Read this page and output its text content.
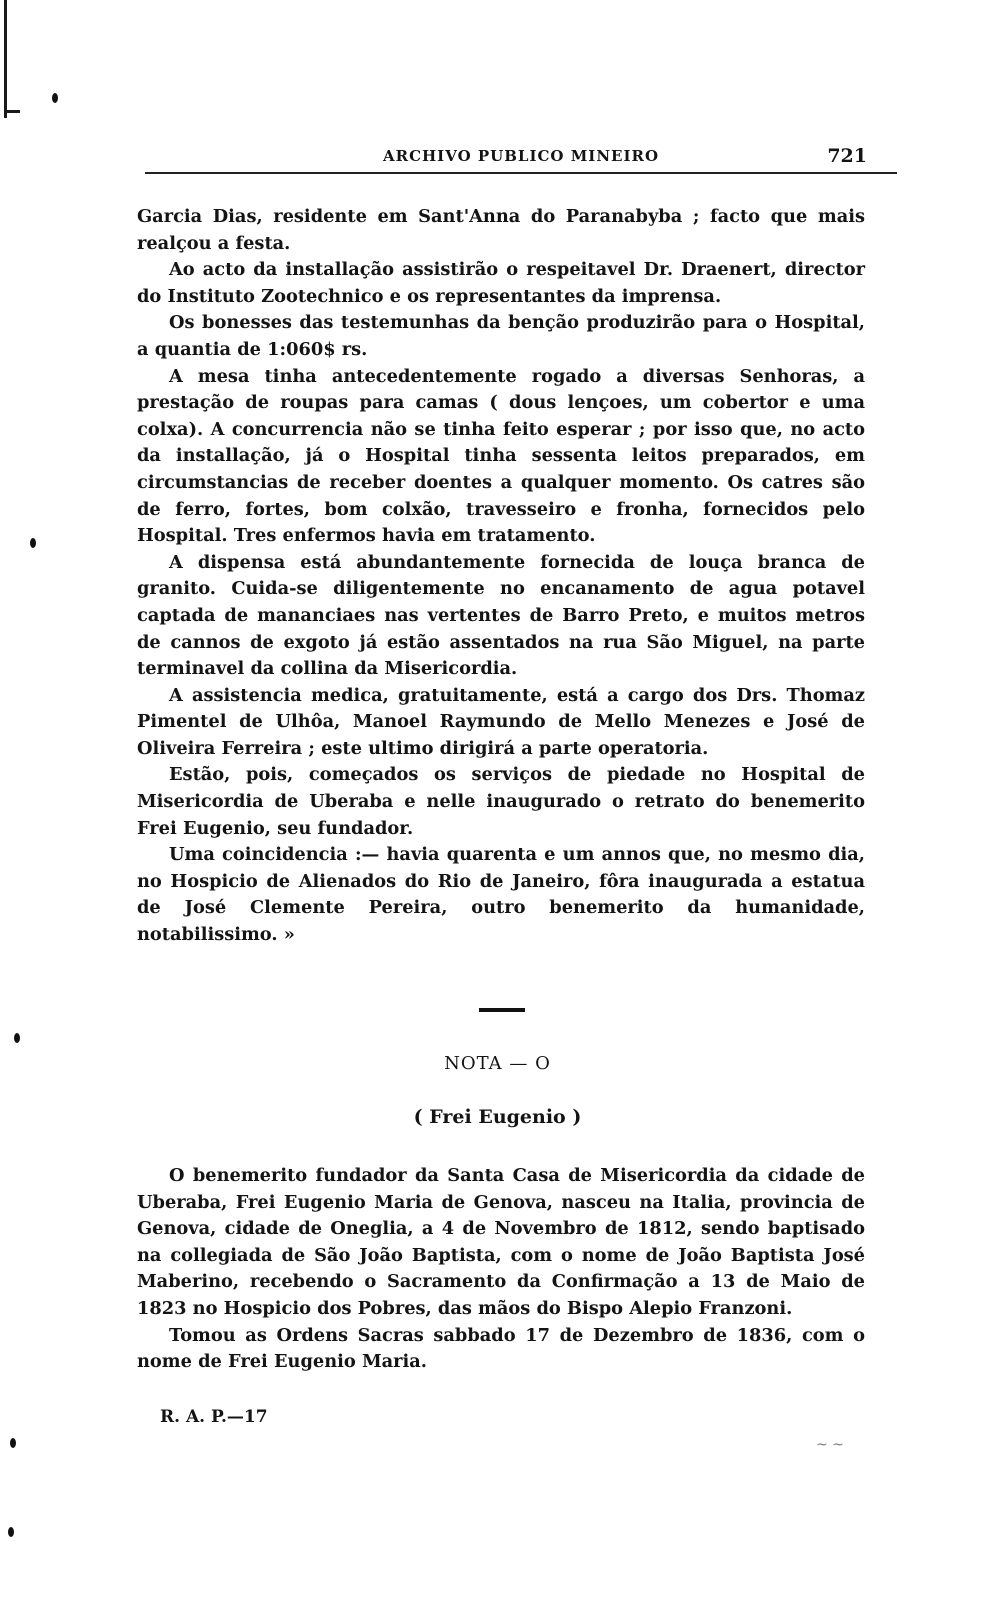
ARCHIVO PUBLICO MINEIRO	721

Garcia Dias, residente em Sant'Anna do Paranabyba ; facto que mais realçou a festa.

Ao acto da installação assistirão o respeitavel Dr. Draenert, director do Instituto Zootechnico e os representantes da imprensa.

Os bonesses das testemunhas da benção produzirão para o Hospital, a quantia de 1:060$ rs.

A mesa tinha antecedentemente rogado a diversas Senhoras, a prestação de roupas para camas ( dous lençoes, um cobertor e uma colxa). A concurrencia não se tinha feito esperar ; por isso que, no acto da installação, já o Hospital tinha sessenta leitos preparados, em circumstancias de receber doentes a qualquer momento. Os catres são de ferro, fortes, bom colxão, travesseiro e fronha, fornecidos pelo Hospital. Tres enfermos havia em tratamento.

A dispensa está abundantemente fornecida de louça branca de granito. Cuida-se diligentemente no encanamento de agua potavel captada de mananciaes nas vertentes de Barro Preto, e muitos metros de cannos de exgoto já estão assentados na rua São Miguel, na parte terminavel da collina da Misericordia.

A assistencia medica, gratuitamente, está a cargo dos Drs. Thomaz Pimentel de Ulhôa, Manoel Raymundo de Mello Menezes e José de Oliveira Ferreira ; este ultimo dirigirá a parte operatoria.

Estão, pois, começados os serviços de piedade no Hospital de Misericordia de Uberaba e nelle inaugurado o retrato do benemerito Frei Eugenio, seu fundador.

Uma coincidencia :— havia quarenta e um annos que, no mesmo dia, no Hospicio de Alienados do Rio de Janeiro, fôra inaugurada a estatua de José Clemente Pereira, outro benemerito da humanidade, notabilissimo. »

NOTA — O
( Frei Eugenio )

O benemerito fundador da Santa Casa de Misericordia da cidade de Uberaba, Frei Eugenio Maria de Genova, nasceu na Italia, provincia de Genova, cidade de Oneglia, a 4 de Novembro de 1812, sendo baptisado na collegiada de São João Baptista, com o nome de João Baptista José Maberino, recebendo o Sacramento da Confirmação a 13 de Maio de 1823 no Hospicio dos Pobres, das mãos do Bispo Alepio Franzoni.

Tomou as Ordens Sacras sabbado 17 de Dezembro de 1836, com o nome de Frei Eugenio Maria.

R. A. P.—17
~ ~
